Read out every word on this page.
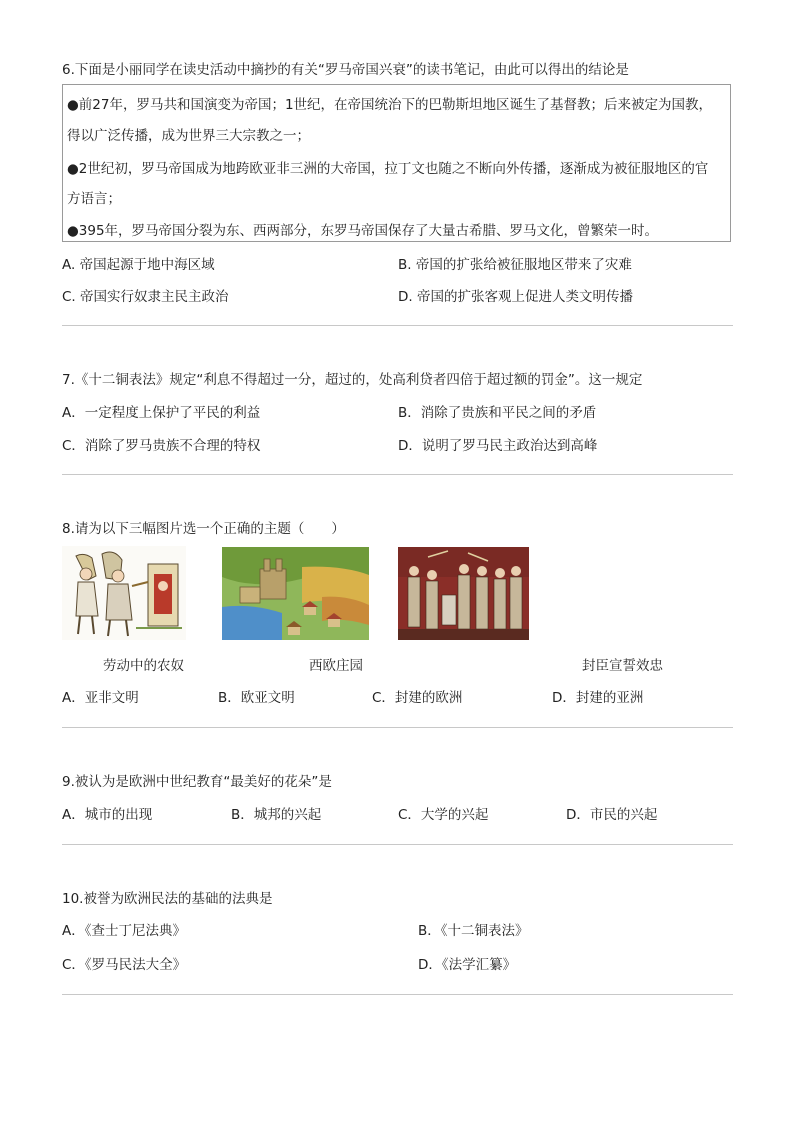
6.下面是小丽同学在读史活动中摘抄的有关“罗马帝国兴衰”的读书笔记，由此可以得出的结论是
●前27年，罗马共和国演变为帝国；1世纪，在帝国统治下的巴勒斯坦地区诞生了基督教；后来被定为国教，
得以广泛传播，成为世界三大宗教之一；
●2世纪初，罗马帝国成为地跨欧亚非三洲的大帝国，拉丁文也随之不断向外传播，逐渐成为被征服地区的官
方语言；
●395年，罗马帝国分裂为东、西两部分，东罗马帝国保存了大量古希腊、罗马文化，曾繁荣一时。
A. 帝国起源于地中海区域	B. 帝国的扩张给被征服地区带来了灾难
C. 帝国实行奴隶主民主政治	D. 帝国的扩张客观上促进人类文明传播
7.《十二铜表法》规定“利息不得超过一分，超过的，处高利贷者四倍于超过额的罚金”。这一规定
A．一定程度上保护了平民的利益	B．消除了贵族和平民之间的矛盾
C．消除了罗马贵族不合理的特权	D．说明了罗马民主政治达到高峰
8.请为以下三幅图片选一个正确的主题（　　）
劳动中的农奴	西欧庄园	封臣宣誓效忠
A．亚非文明	B．欧亚文明	C．封建的欧洲	D．封建的亚洲
9.被认为是欧洲中世纪教育“最美好的花朵”是
A．城市的出现	B．城邦的兴起	C．大学的兴起	D．市民的兴起
10.被誉为欧洲民法的基础的法典是
A．《查士丁尼法典》	B．《十二铜表法》
C．《罗马民法大全》	D．《法学汇纂》
